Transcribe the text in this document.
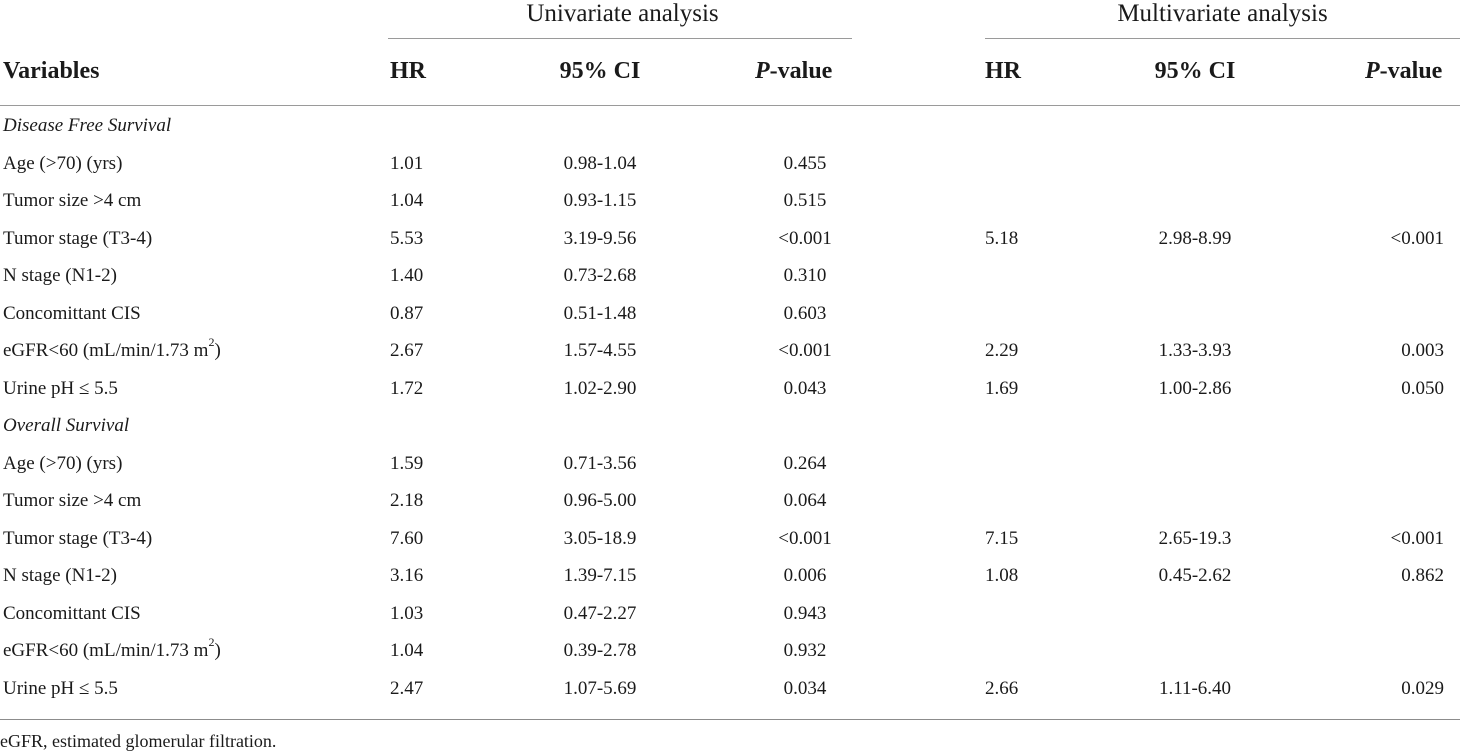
Univariate analysis	Multivariate analysis
Variables	HR	95% CI	P-value	HR	95% CI	P-value
Disease Free Survival
Age (>70) (yrs)	1.01	0.98-1.04	0.455
Tumor size >4 cm	1.04	0.93-1.15	0.515
Tumor stage (T3-4)	5.53	3.19-9.56	<0.001	5.18	2.98-8.99	<0.001
N stage (N1-2)	1.40	0.73-2.68	0.310
Concomittant CIS	0.87	0.51-1.48	0.603
eGFR<60 (mL/min/1.73 $m^2$)	2.67	1.57-4.55	<0.001	2.29	1.33-3.93	0.003
Urine pH ≤ 5.5	1.72	1.02-2.90	0.043	1.69	1.00-2.86	0.050
Overall Survival
Age (>70) (yrs)	1.59	0.71-3.56	0.264
Tumor size >4 cm	2.18	0.96-5.00	0.064
Tumor stage (T3-4)	7.60	3.05-18.9	<0.001	7.15	2.65-19.3	<0.001
N stage (N1-2)	3.16	1.39-7.15	0.006	1.08	0.45-2.62	0.862
Concomittant CIS	1.03	0.47-2.27	0.943
eGFR<60 (mL/min/1.73 $m^2$)	1.04	0.39-2.78	0.932
Urine pH ≤ 5.5	2.47	1.07-5.69	0.034	2.66	1.11-6.40	0.029
eGFR, estimated glomerular filtration.
